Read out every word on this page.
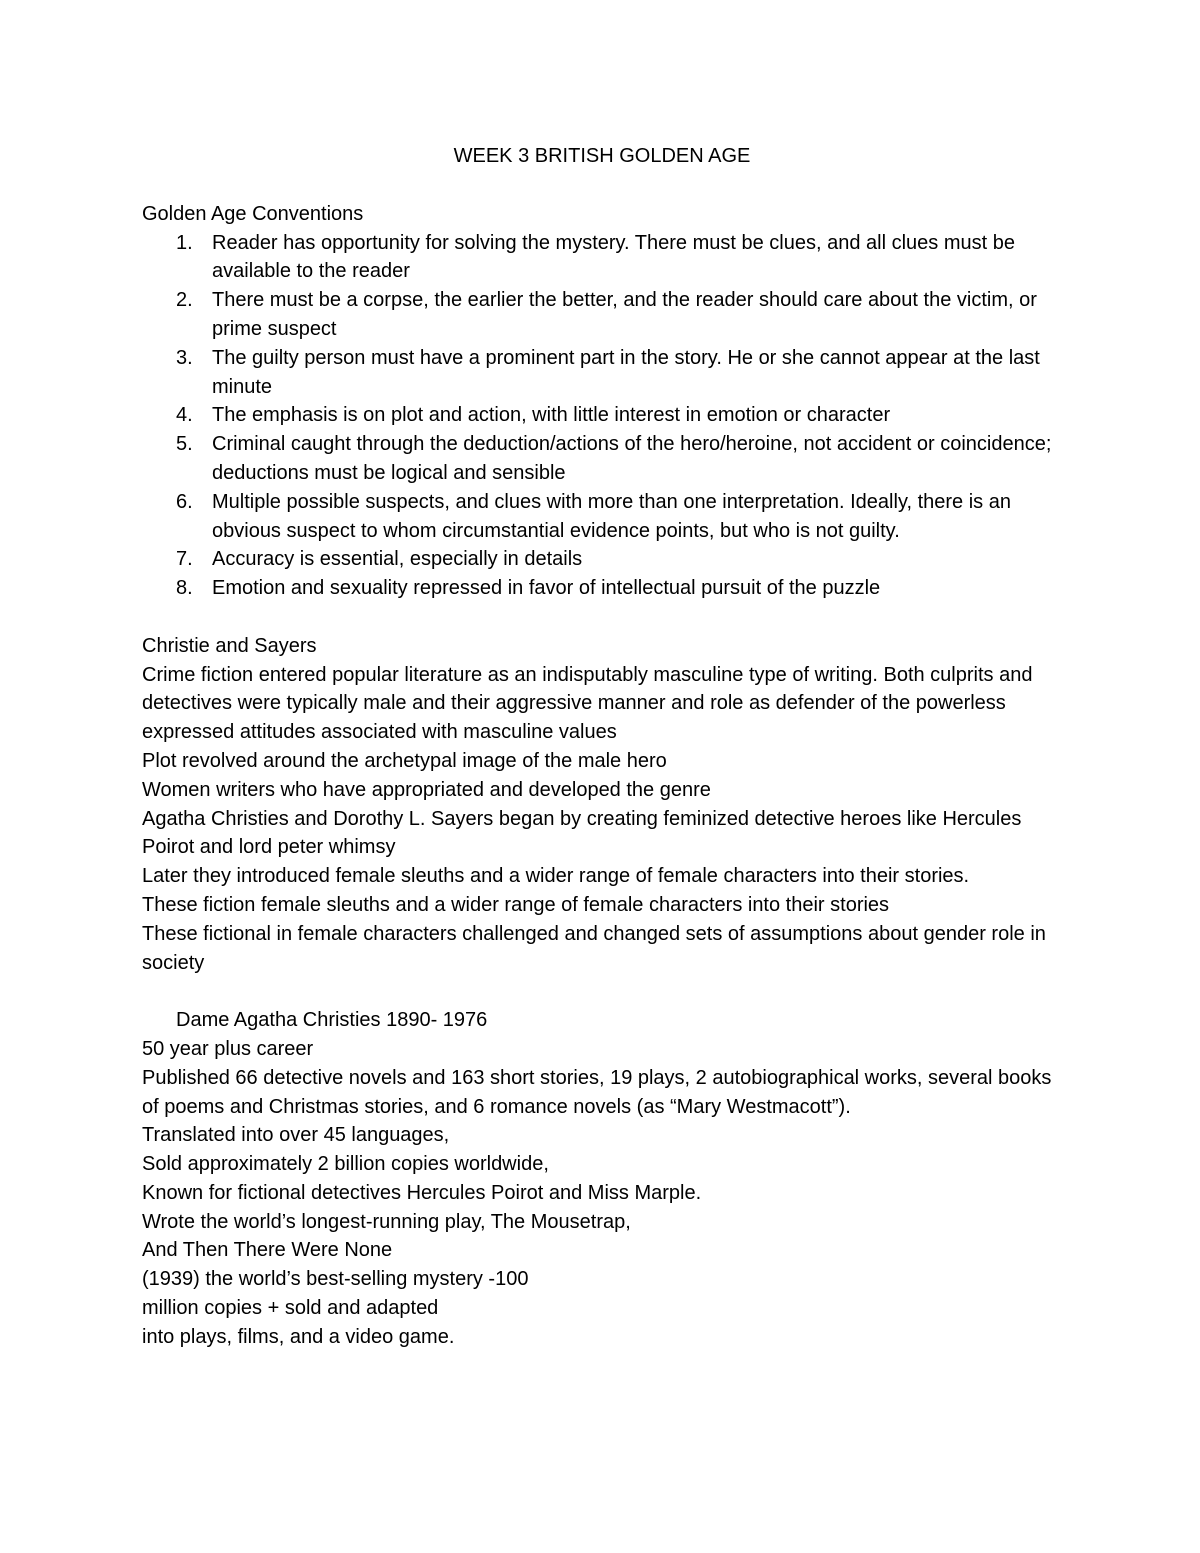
WEEK 3 BRITISH GOLDEN AGE
Golden Age Conventions
1. Reader has opportunity for solving the mystery. There must be clues, and all clues must be available to the reader
2. There must be a corpse, the earlier the better, and the reader should care about the victim, or prime suspect
3. The guilty person must have a prominent part in the story. He or she cannot appear at the last minute
4. The emphasis is on plot and action, with little interest in emotion or character
5. Criminal caught through the deduction/actions of the hero/heroine, not accident or coincidence; deductions must be logical and sensible
6. Multiple possible suspects, and clues with more than one interpretation. Ideally, there is an obvious suspect to whom circumstantial evidence points, but who is not guilty.
7. Accuracy is essential, especially in details
8. Emotion and sexuality repressed in favor of intellectual pursuit of the puzzle
Christie and Sayers

Crime fiction entered popular literature as an indisputably masculine type of writing. Both culprits and detectives were typically male and their aggressive manner and role as defender of the powerless expressed attitudes associated with masculine values

Plot revolved around the archetypal image of the male hero

Women writers who have appropriated and developed the genre

Agatha Christies and Dorothy L. Sayers began by creating feminized detective heroes like Hercules Poirot and lord peter whimsy

Later they introduced female sleuths and a wider range of female characters into their stories.

These fiction female sleuths and a wider range of female characters into their stories

These fictional in female characters challenged and changed sets of assumptions about gender role in society

Dame Agatha Christies 1890- 1976

50 year plus career

Published 66 detective novels and 163 short stories, 19 plays, 2 autobiographical works, several books of poems and Christmas stories, and 6 romance novels (as “Mary Westmacott”).

Translated into over 45 languages,

Sold approximately 2 billion copies worldwide,

Known for fictional detectives Hercules Poirot and Miss Marple.

Wrote the world’s longest-running play, The Mousetrap,

And Then There Were None

(1939) the world’s best-selling mystery -100

million copies + sold and adapted

into plays, films, and a video game.
